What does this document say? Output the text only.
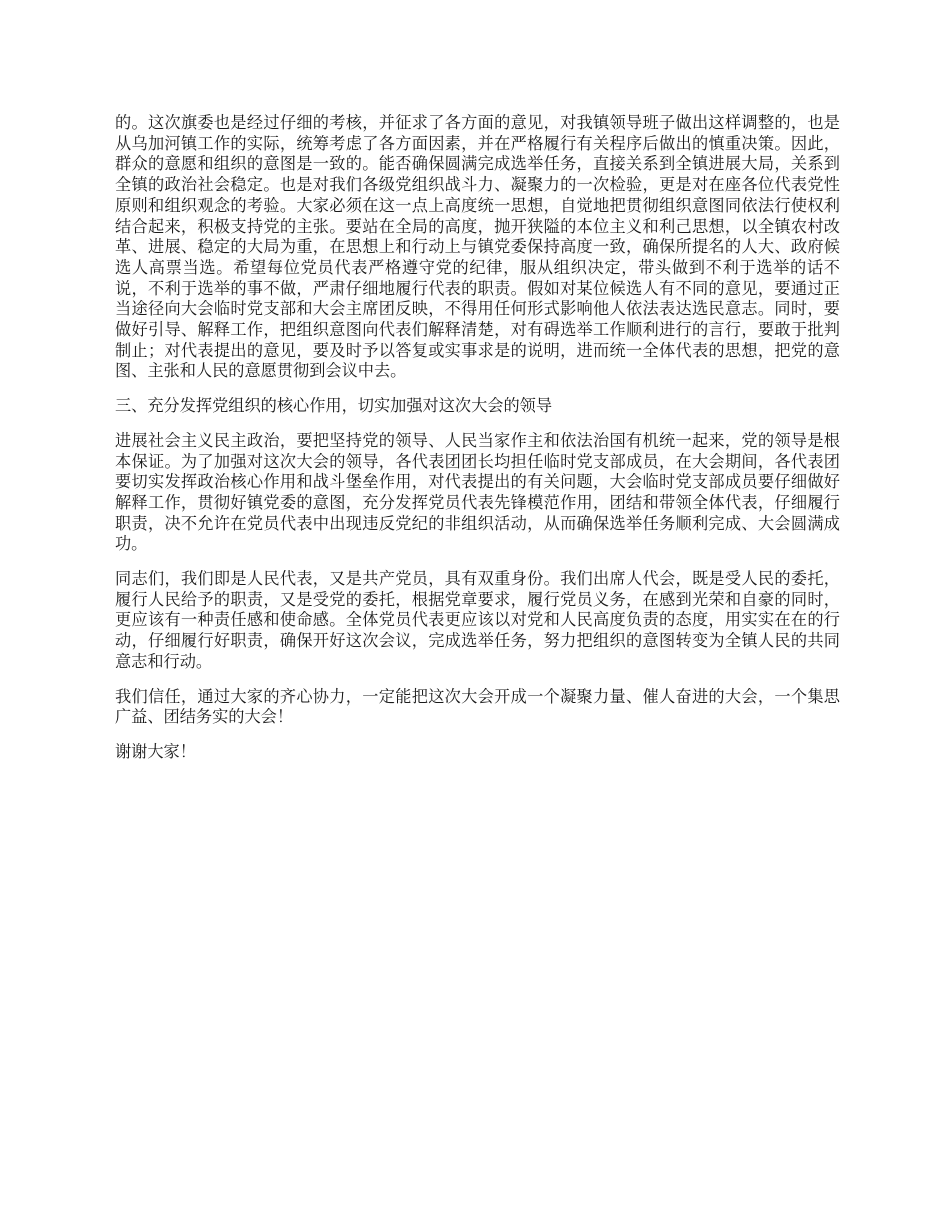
的。这次旗委也是经过仔细的考核，并征求了各方面的意见，对我镇领导班子做出这样调整的，也是从乌加河镇工作的实际，统筹考虑了各方面因素，并在严格履行有关程序后做出的慎重决策。因此，群众的意愿和组织的意图是一致的。能否确保圆满完成选举任务，直接关系到全镇进展大局，关系到全镇的政治社会稳定。也是对我们各级党组织战斗力、凝聚力的一次检验，更是对在座各位代表党性原则和组织观念的考验。大家必须在这一点上高度统一思想，自觉地把贯彻组织意图同依法行使权利结合起来，积极支持党的主张。要站在全局的高度，抛开狭隘的本位主义和利己思想，以全镇农村改革、进展、稳定的大局为重，在思想上和行动上与镇党委保持高度一致，确保所提名的人大、政府候选人高票当选。希望每位党员代表严格遵守党的纪律，服从组织决定，带头做到不利于选举的话不说，不利于选举的事不做，严肃仔细地履行代表的职责。假如对某位候选人有不同的意见，要通过正当途径向大会临时党支部和大会主席团反映，不得用任何形式影响他人依法表达选民意志。同时，要做好引导、解释工作，把组织意图向代表们解释清楚，对有碍选举工作顺利进行的言行，要敢于批判制止；对代表提出的意见，要及时予以答复或实事求是的说明，进而统一全体代表的思想，把党的意图、主张和人民的意愿贯彻到会议中去。

三、充分发挥党组织的核心作用，切实加强对这次大会的领导

进展社会主义民主政治，要把坚持党的领导、人民当家作主和依法治国有机统一起来，党的领导是根本保证。为了加强对这次大会的领导，各代表团团长均担任临时党支部成员，在大会期间，各代表团要切实发挥政治核心作用和战斗堡垒作用，对代表提出的有关问题，大会临时党支部成员要仔细做好解释工作，贯彻好镇党委的意图，充分发挥党员代表先锋模范作用，团结和带领全体代表，仔细履行职责，决不允许在党员代表中出现违反党纪的非组织活动，从而确保选举任务顺利完成、大会圆满成功。

同志们，我们即是人民代表，又是共产党员，具有双重身份。我们出席人代会，既是受人民的委托，履行人民给予的职责，又是受党的委托，根据党章要求，履行党员义务，在感到光荣和自豪的同时，更应该有一种责任感和使命感。全体党员代表更应该以对党和人民高度负责的态度，用实实在在的行动，仔细履行好职责，确保开好这次会议，完成选举任务，努力把组织的意图转变为全镇人民的共同意志和行动。

我们信任，通过大家的齐心协力，一定能把这次大会开成一个凝聚力量、催人奋进的大会，一个集思广益、团结务实的大会！

谢谢大家！
